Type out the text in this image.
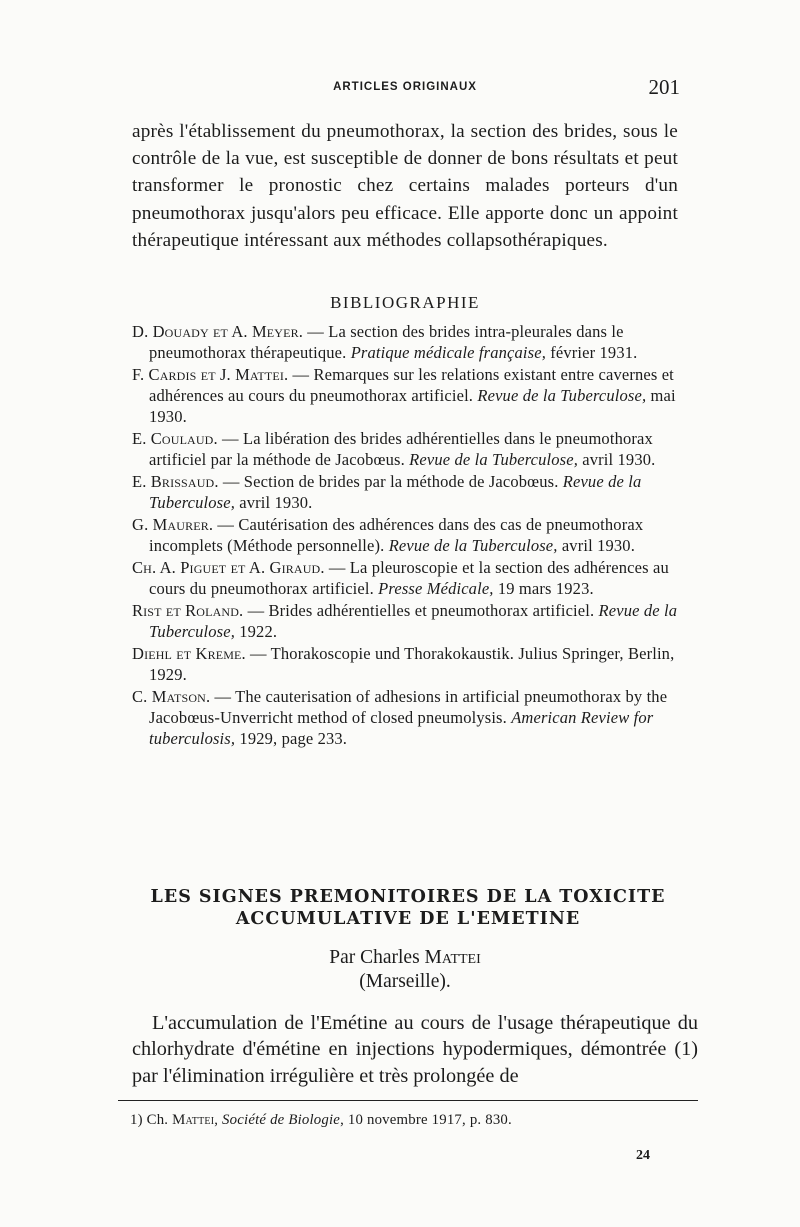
ARTICLES ORIGINAUX	201
après l'établissement du pneumothorax, la section des brides, sous le contrôle de la vue, est susceptible de donner de bons résultats et peut transformer le pronostic chez certains malades porteurs d'un pneumothorax jusqu'alors peu efficace. Elle apporte donc un appoint thérapeutique intéressant aux méthodes collapsothérapiques.
BIBLIOGRAPHIE
D. Douady et A. Meyer. — La section des brides intra-pleurales dans le pneumothorax thérapeutique. Pratique médicale française, février 1931.
F. Cardis et J. Mattei. — Remarques sur les relations existant entre cavernes et adhérences au cours du pneumothorax artificiel. Revue de la Tuberculose, mai 1930.
E. Coulaud. — La libération des brides adhérentielles dans le pneumothorax artificiel par la méthode de Jacobœus. Revue de la Tuberculose, avril 1930.
E. Brissaud. — Section de brides par la méthode de Jacobœus. Revue de la Tuberculose, avril 1930.
G. Maurer. — Cautérisation des adhérences dans des cas de pneumothorax incomplets (Méthode personnelle). Revue de la Tuberculose, avril 1930.
Ch. A. Piguet et A. Giraud. — La pleuroscopie et la section des adhérences au cours du pneumothorax artificiel. Presse Médicale, 19 mars 1923.
Rist et Roland. — Brides adhérentielles et pneumothorax artificiel. Revue de la Tuberculose, 1922.
Diehl et Kreme. — Thorakoscopie und Thorakokaustik. Julius Springer, Berlin, 1929.
C. Matson. — The cauterisation of adhesions in artificial pneumothorax by the Jacobœus-Unverricht method of closed pneumolysis. American Review for tuberculosis, 1929, page 233.
LES SIGNES PREMONITOIRES DE LA TOXICITE
ACCUMULATIVE DE L'EMETINE
Par Charles Mattei
(Marseille).
L'accumulation de l'Emétine au cours de l'usage thérapeutique du chlorhydrate d'émétine en injections hypodermiques, démontrée (1) par l'élimination irrégulière et très prolongée de
1) Ch. Mattei, Société de Biologie, 10 novembre 1917, p. 830.
24
